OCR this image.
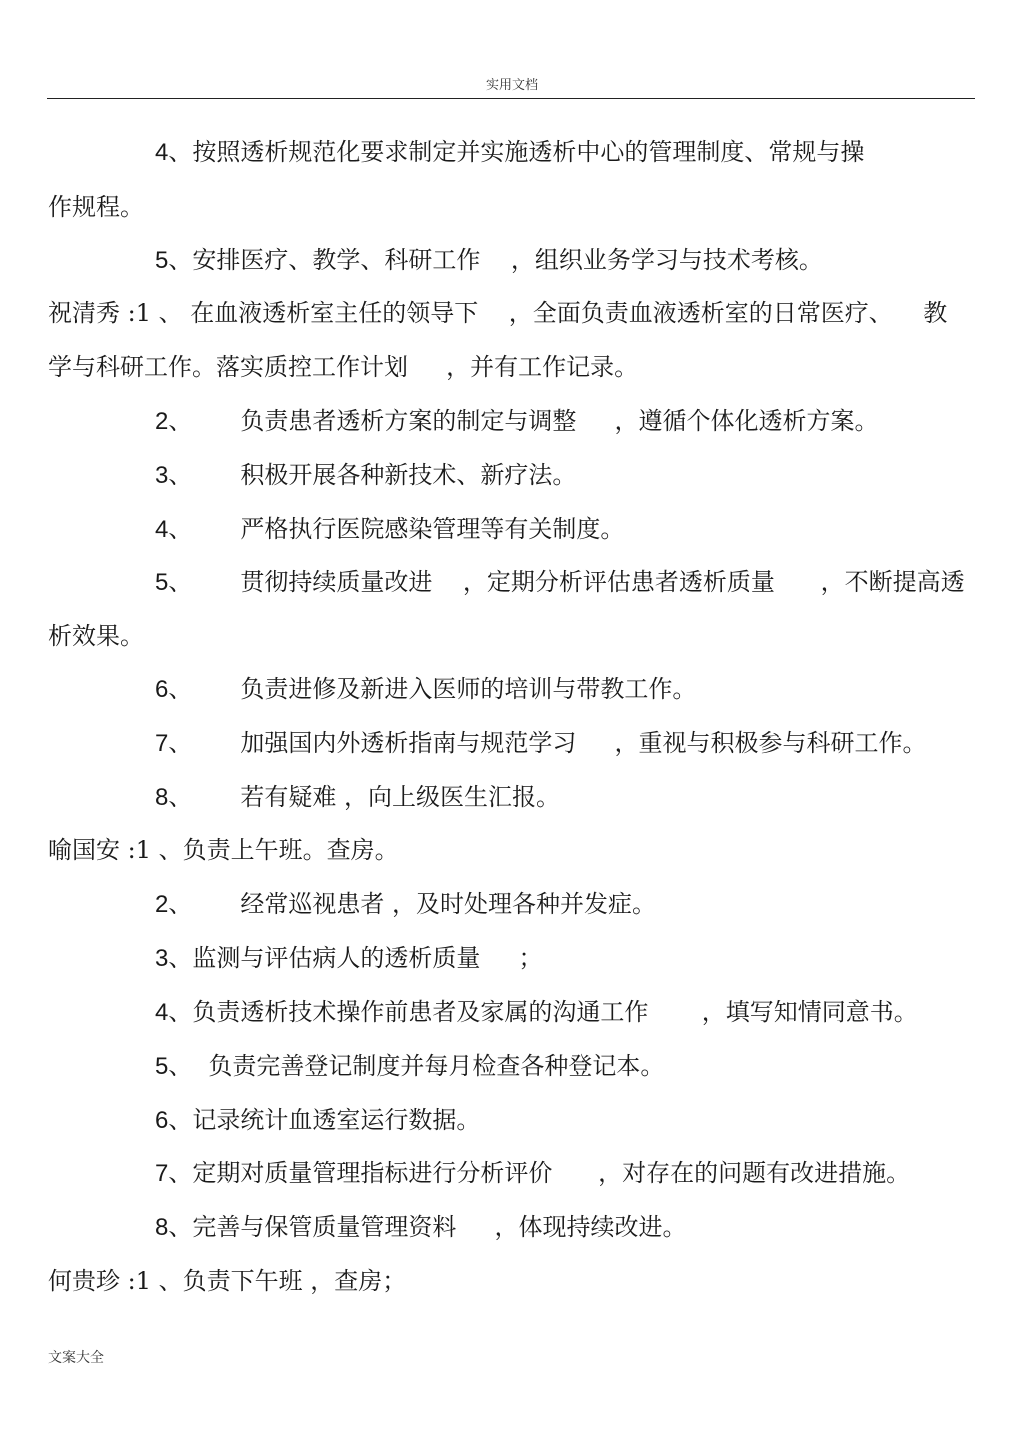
实用文档
4、按照透析规范化要求制定并实施透析中心的管理制度、常规与操
作规程。
5、安排医疗、教学、科研工作    ，组织业务学习与技术考核。
祝清秀 :1 、 在血液透析室主任的领导下    ，全面负责血液透析室的日常医疗、    教
学与科研工作。落实质控工作计划     ，并有工作记录。
2、 负责患者透析方案的制定与调整     ，遵循个体化透析方案。
3、 积极开展各种新技术、新疗法。
4、 严格执行医院感染管理等有关制度。
5、 贯彻持续质量改进    ，定期分析评估患者透析质量      ，不断提高透
析效果。
6、 负责进修及新进入医师的培训与带教工作。
7、 加强国内外透析指南与规范学习     ，重视与积极参与科研工作。
8、 若有疑难 ，向上级医生汇报。
喻国安 :1 、负责上午班。查房。
2、 经常巡视患者 ，及时处理各种并发症。
3、监测与评估病人的透析质量     ；
4、负责透析技术操作前患者及家属的沟通工作       ，填写知情同意书。
5、 负责完善登记制度并每月检查各种登记本。
6、记录统计血透室运行数据。
7、定期对质量管理指标进行分析评价      ，对存在的问题有改进措施。
8、完善与保管质量管理资料     ，体现持续改进。
何贵珍 :1 、负责下午班 ，查房；
文案大全
